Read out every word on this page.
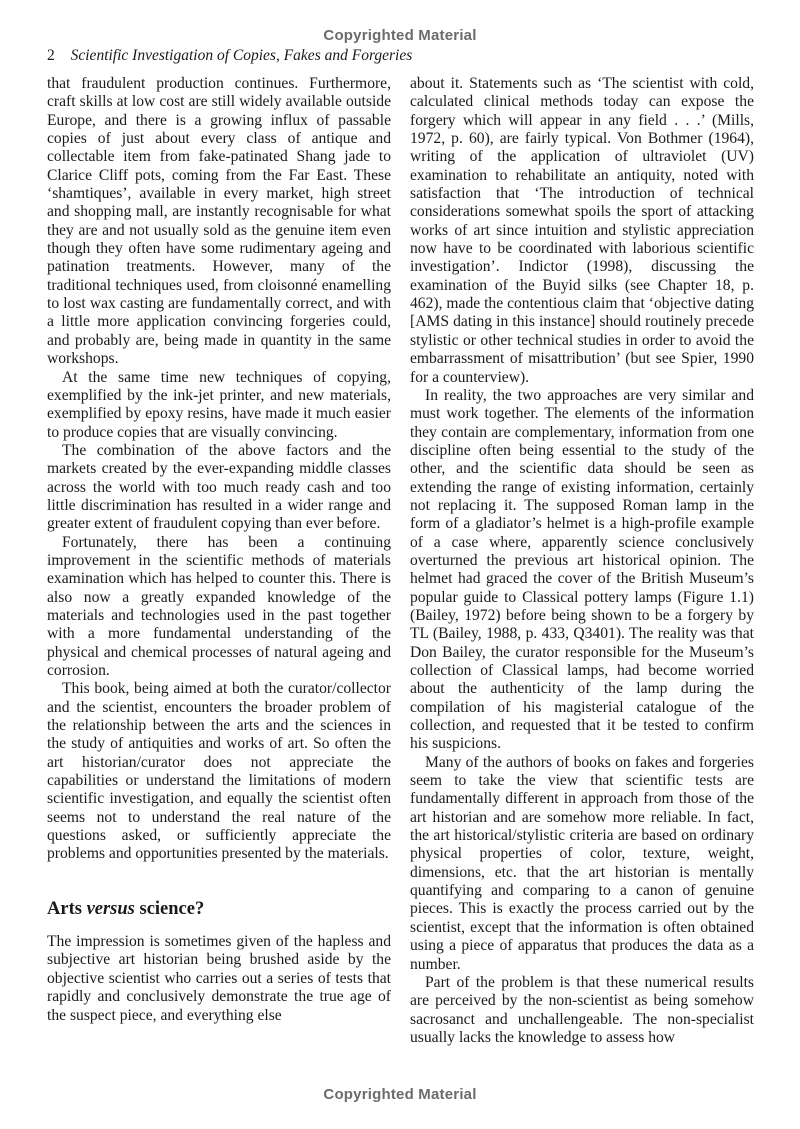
Copyrighted Material
2 Scientific Investigation of Copies, Fakes and Forgeries

that fraudulent production continues. Furthermore, craft skills at low cost are still widely available outside Europe, and there is a growing influx of passable copies of just about every class of antique and collectable item from fake-patinated Shang jade to Clarice Cliff pots, coming from the Far East. These ‘shamtiques’, available in every market, high street and shopping mall, are instantly recognisable for what they are and not usually sold as the genuine item even though they often have some rudimentary ageing and patination treatments. However, many of the traditional techniques used, from cloisonné enamelling to lost wax casting are fundamentally correct, and with a little more application convincing forgeries could, and probably are, being made in quantity in the same workshops.

At the same time new techniques of copying, exemplified by the ink-jet printer, and new materials, exemplified by epoxy resins, have made it much easier to produce copies that are visually convincing.

The combination of the above factors and the markets created by the ever-expanding middle classes across the world with too much ready cash and too little discrimination has resulted in a wider range and greater extent of fraudulent copying than ever before.

Fortunately, there has been a continuing improvement in the scientific methods of materials examination which has helped to counter this. There is also now a greatly expanded knowledge of the materials and technologies used in the past together with a more fundamental understanding of the physical and chemical processes of natural ageing and corrosion.

This book, being aimed at both the curator/collector and the scientist, encounters the broader problem of the relationship between the arts and the sciences in the study of antiquities and works of art. So often the art historian/curator does not appreciate the capabilities or understand the limitations of modern scientific investigation, and equally the scientist often seems not to understand the real nature of the questions asked, or sufficiently appreciate the problems and opportunities presented by the materials.

Arts versus science?

The impression is sometimes given of the hapless and subjective art historian being brushed aside by the objective scientist who carries out a series of tests that rapidly and conclusively demonstrate the true age of the suspect piece, and everything else

about it. Statements such as ‘The scientist with cold, calculated clinical methods today can expose the forgery which will appear in any field . . .’ (Mills, 1972, p. 60), are fairly typical. Von Bothmer (1964), writing of the application of ultraviolet (UV) examination to rehabilitate an antiquity, noted with satisfaction that ‘The introduction of technical considerations somewhat spoils the sport of attacking works of art since intuition and stylistic appreciation now have to be coordinated with laborious scientific investigation’. Indictor (1998), discussing the examination of the Buyid silks (see Chapter 18, p. 462), made the contentious claim that ‘objective dating [AMS dating in this instance] should routinely precede stylistic or other technical studies in order to avoid the embarrassment of misattribution’ (but see Spier, 1990 for a counterview).

In reality, the two approaches are very similar and must work together. The elements of the information they contain are complementary, information from one discipline often being essential to the study of the other, and the scientific data should be seen as extending the range of existing information, certainly not replacing it. The supposed Roman lamp in the form of a gladiator’s helmet is a high-profile example of a case where, apparently science conclusively overturned the previous art historical opinion. The helmet had graced the cover of the British Museum’s popular guide to Classical pottery lamps (Figure 1.1) (Bailey, 1972) before being shown to be a forgery by TL (Bailey, 1988, p. 433, Q3401). The reality was that Don Bailey, the curator responsible for the Museum’s collection of Classical lamps, had become worried about the authenticity of the lamp during the compilation of his magisterial catalogue of the collection, and requested that it be tested to confirm his suspicions.

Many of the authors of books on fakes and forgeries seem to take the view that scientific tests are fundamentally different in approach from those of the art historian and are somehow more reliable. In fact, the art historical/stylistic criteria are based on ordinary physical properties of color, texture, weight, dimensions, etc. that the art historian is mentally quantifying and comparing to a canon of genuine pieces. This is exactly the process carried out by the scientist, except that the information is often obtained using a piece of apparatus that produces the data as a number.

Part of the problem is that these numerical results are perceived by the non-scientist as being somehow sacrosanct and unchallengeable. The non-specialist usually lacks the knowledge to assess how

Copyrighted Material
